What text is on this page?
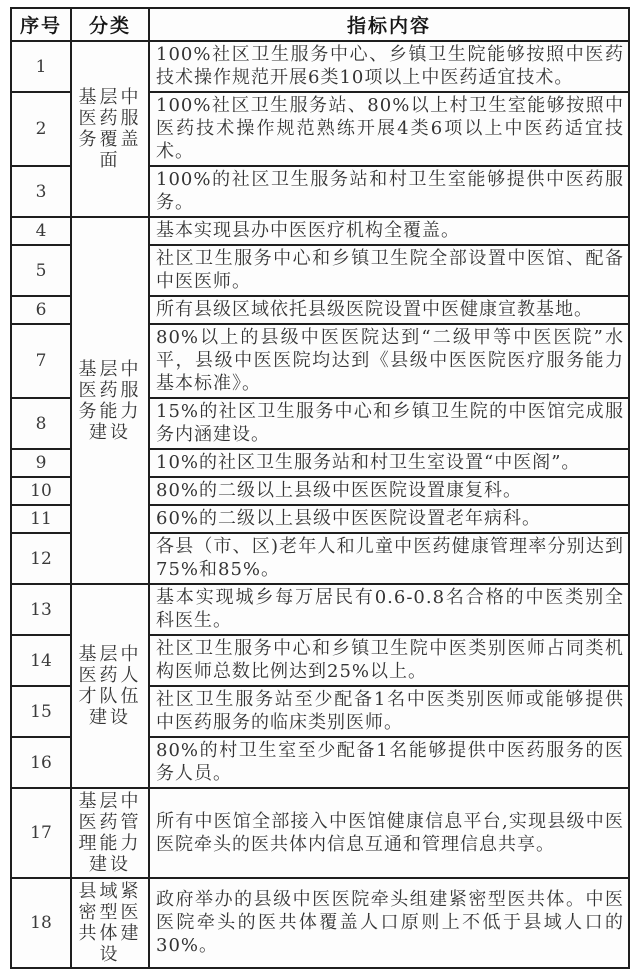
序号	分类	指标内容
1	基层中医药服务覆盖面	100%社区卫生服务中心、乡镇卫生院能够按照中医药技术操作规范开展6类10项以上中医药适宜技术。
2		100%社区卫生服务站、80%以上村卫生室能够按照中医药技术操作规范熟练开展4类6项以上中医药适宜技术。
3		100%的社区卫生服务站和村卫生室能够提供中医药服务。
4	基层中医药服务能力建设	基本实现县办中医医疗机构全覆盖。
5		社区卫生服务中心和乡镇卫生院全部设置中医馆、配备中医医师。
6		所有县级区域依托县级医院设置中医健康宣教基地。
7		80%以上的县级中医医院达到“二级甲等中医医院”水平，县级中医医院均达到《县级中医医院医疗服务能力基本标准》。
8		15%的社区卫生服务中心和乡镇卫生院的中医馆完成服务内涵建设。
9		10%的社区卫生服务站和村卫生室设置“中医阁”。
10		80%的二级以上县级中医医院设置康复科。
11		60%的二级以上县级中医医院设置老年病科。
12		各县（市、区)老年人和儿童中医药健康管理率分别达到75%和85%。
13	基层中医药人才队伍建设	基本实现城乡每万居民有0.6-0.8名合格的中医类别全科医生。
14		社区卫生服务中心和乡镇卫生院中医类别医师占同类机构医师总数比例达到25%以上。
15		社区卫生服务站至少配备1名中医类别医师或能够提供中医药服务的临床类别医师。
16		80%的村卫生室至少配备1名能够提供中医药服务的医务人员。
17	基层中医药管理能力建设	所有中医馆全部接入中医馆健康信息平台,实现县级中医医院牵头的医共体内信息互通和管理信息共享。
18	县域紧密型医共体建设	政府举办的县级中医医院牵头组建紧密型医共体。中医医院牵头的医共体覆盖人口原则上不低于县域人口的30%。
